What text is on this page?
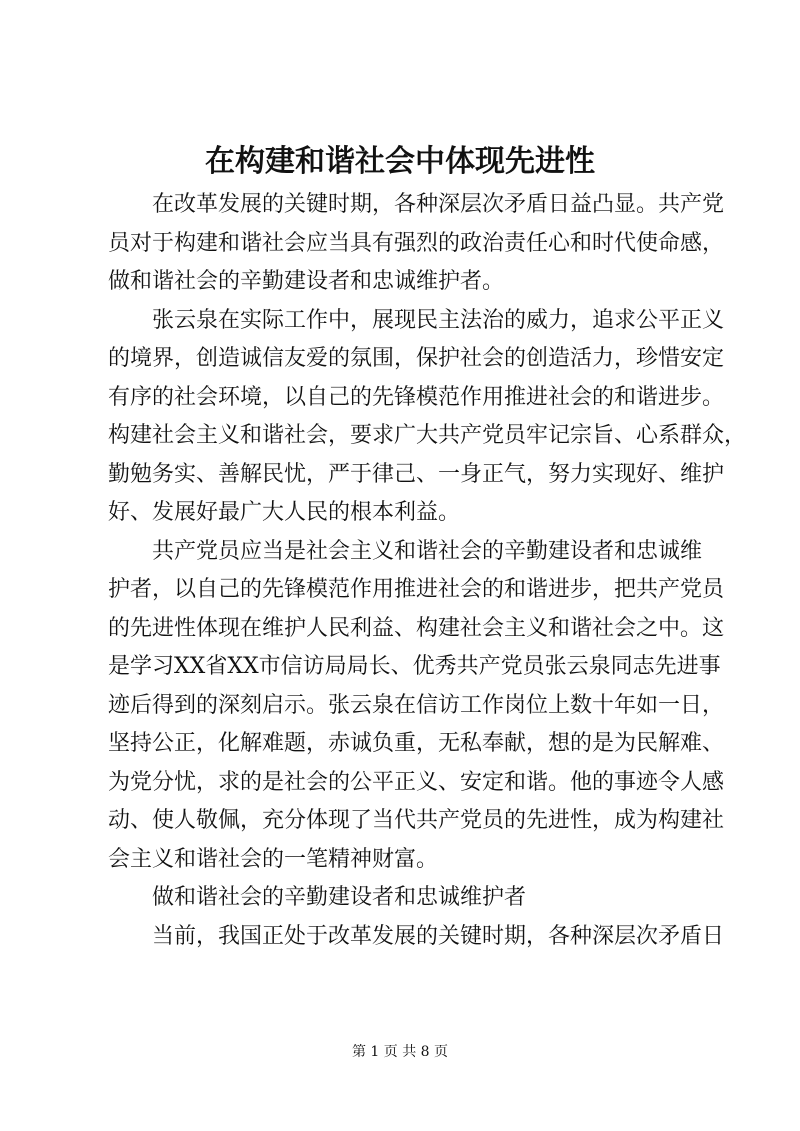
在构建和谐社会中体现先进性
　　在改革发展的关键时期，各种深层次矛盾日益凸显。共产党
员对于构建和谐社会应当具有强烈的政治责任心和时代使命感，
做和谐社会的辛勤建设者和忠诚维护者。
　　张云泉在实际工作中，展现民主法治的威力，追求公平正义
的境界，创造诚信友爱的氛围，保护社会的创造活力，珍惜安定
有序的社会环境，以自己的先锋模范作用推进社会的和谐进步。
构建社会主义和谐社会，要求广大共产党员牢记宗旨、心系群众，
勤勉务实、善解民忧，严于律己、一身正气，努力实现好、维护
好、发展好最广大人民的根本利益。
　　共产党员应当是社会主义和谐社会的辛勤建设者和忠诚维
护者，以自己的先锋模范作用推进社会的和谐进步，把共产党员
的先进性体现在维护人民利益、构建社会主义和谐社会之中。这
是学习XX省XX市信访局局长、优秀共产党员张云泉同志先进事
迹后得到的深刻启示。张云泉在信访工作岗位上数十年如一日，
坚持公正，化解难题，赤诚负重，无私奉献，想的是为民解难、
为党分忧，求的是社会的公平正义、安定和谐。他的事迹令人感
动、使人敬佩，充分体现了当代共产党员的先进性，成为构建社
会主义和谐社会的一笔精神财富。
　　做和谐社会的辛勤建设者和忠诚维护者
　　当前，我国正处于改革发展的关键时期，各种深层次矛盾日
第 1 页 共 8 页
